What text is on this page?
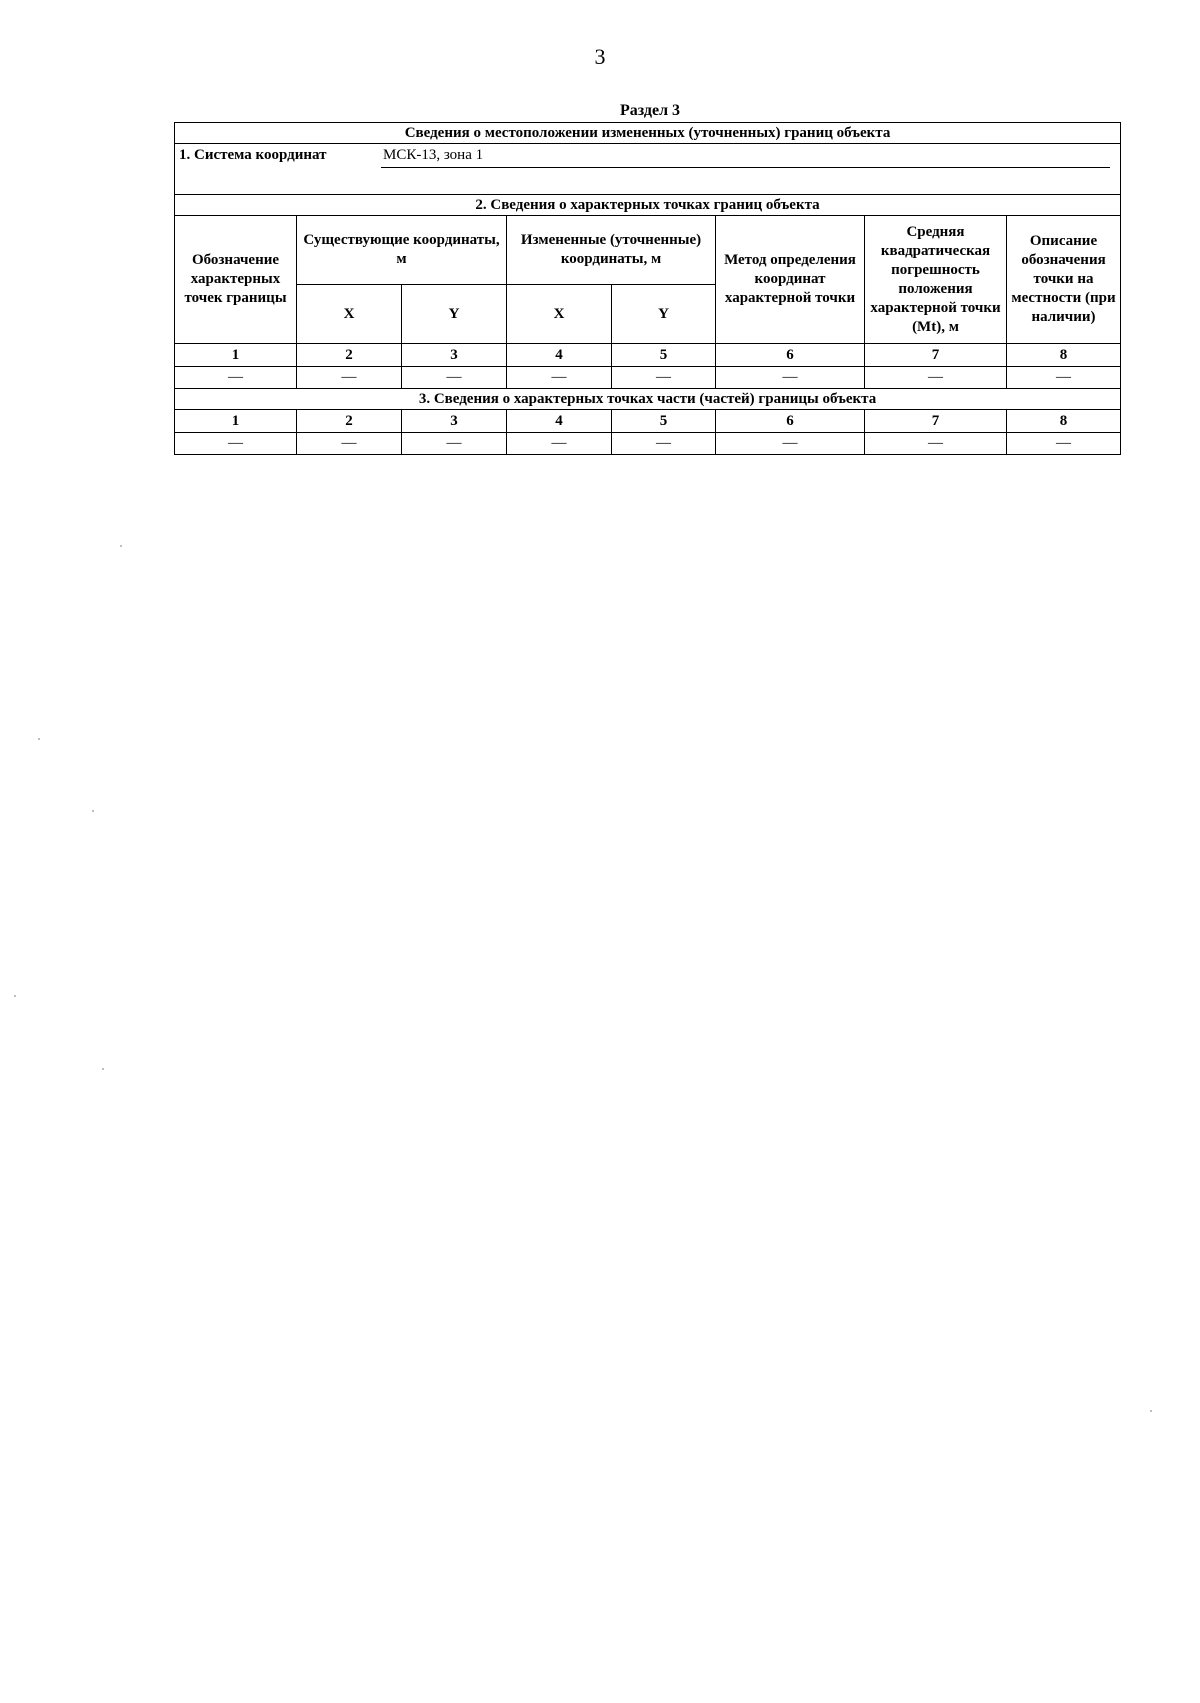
3
Раздел 3
Сведения о местоположении измененных (уточненных) границ объекта							

1. Система координат МСК-13, зона 1							

2. Сведения о характерных точках границ объекта							
Обозначение характерных точек границы	Существующие координаты, м		Измененные (уточненные) координаты, м		Метод определения координат характерной точки	Средняя квадратическая погрешность положения характерной точки (Mt), м	Описание обозначения точки на местности (при наличии)
	X	Y	X	Y			
1	2	3	4	5	6	7	8
—	—	—	—	—	—	—	—
3. Сведения о характерных точках части (частей) границы объекта							
1	2	3	4	5	6	7	8
—	—	—	—	—	—	—	—
